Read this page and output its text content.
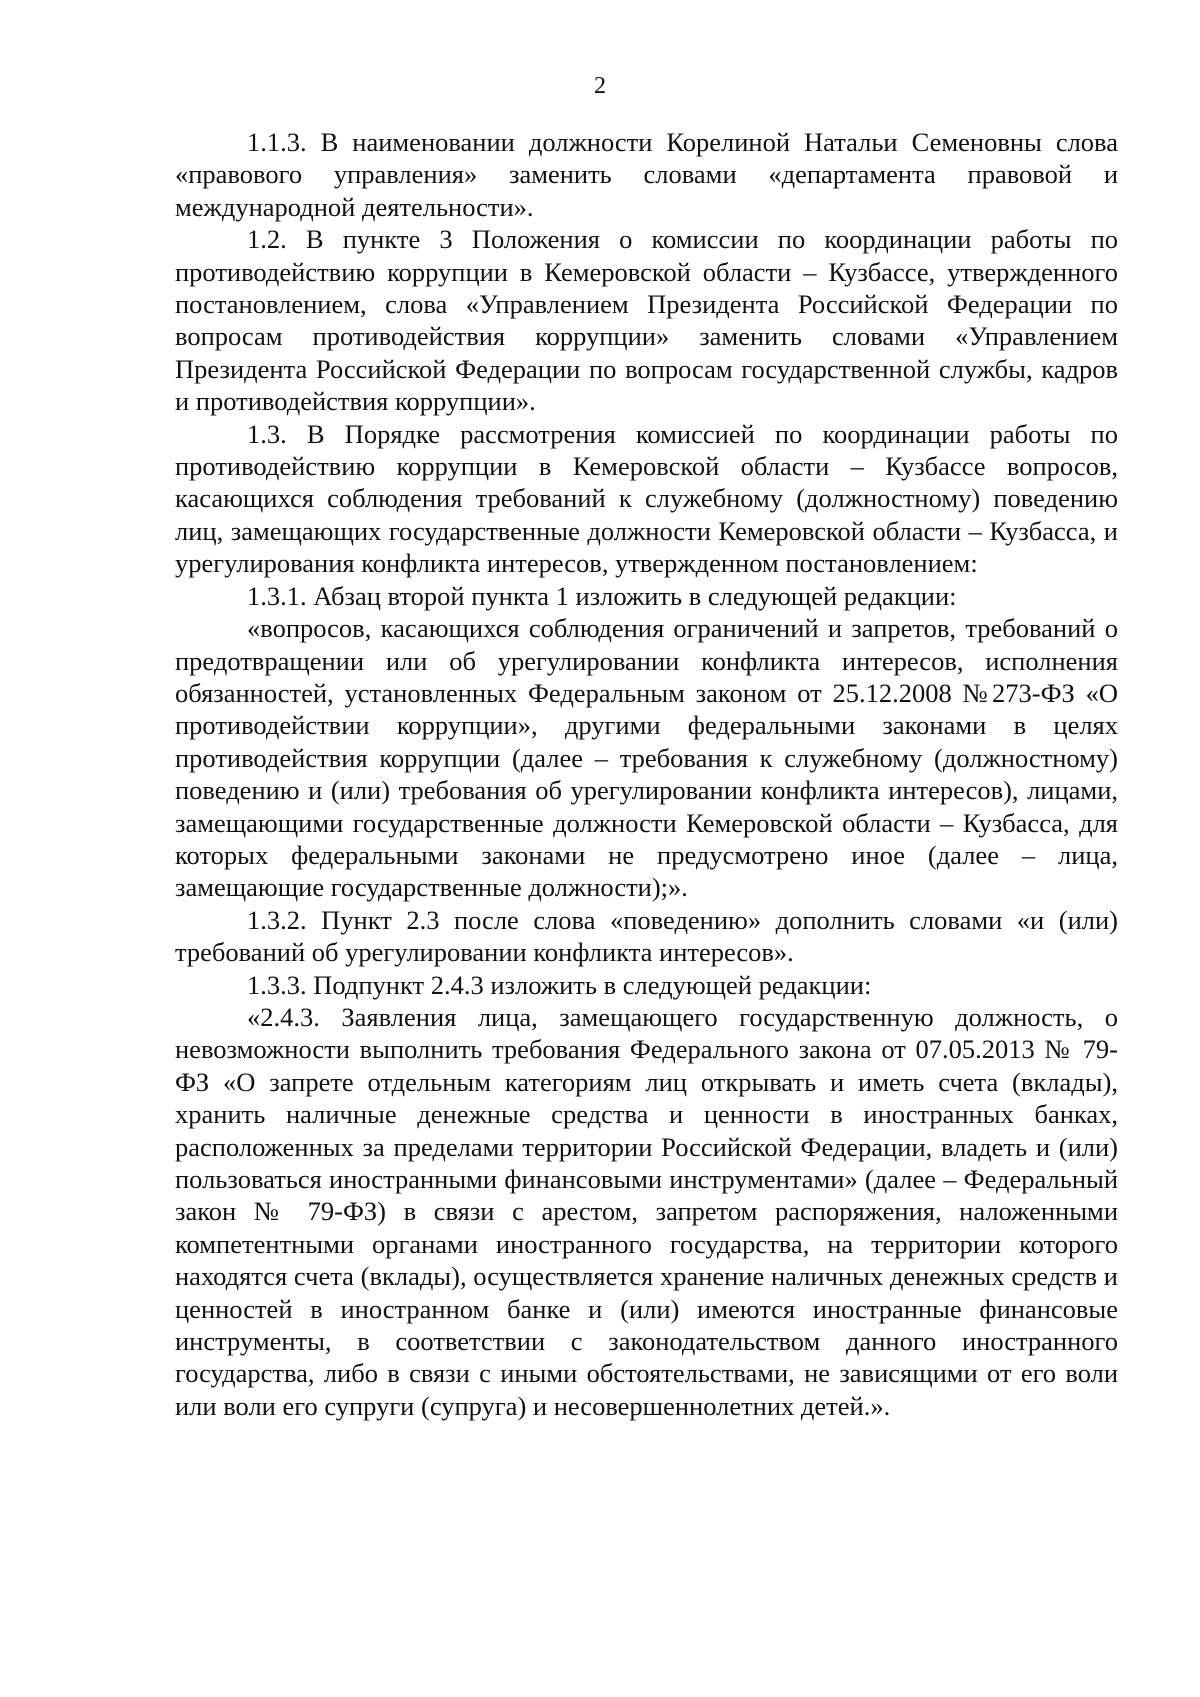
2

1.1.3. В наименовании должности Корелиной Натальи Семеновны слова «правового управления» заменить словами «департамента правовой и международной деятельности».

1.2. В пункте 3 Положения о комиссии по координации работы по противодействию коррупции в Кемеровской области – Кузбассе, утвержденного постановлением, слова «Управлением Президента Российской Федерации по вопросам противодействия коррупции» заменить словами «Управлением Президента Российской Федерации по вопросам государственной службы, кадров и противодействия коррупции».

1.3. В Порядке рассмотрения комиссией по координации работы по противодействию коррупции в Кемеровской области – Кузбассе вопросов, касающихся соблюдения требований к служебному (должностному) поведению лиц, замещающих государственные должности Кемеровской области – Кузбасса, и урегулирования конфликта интересов, утвержденном постановлением:

1.3.1. Абзац второй пункта 1 изложить в следующей редакции:

«вопросов, касающихся соблюдения ограничений и запретов, требований о предотвращении или об урегулировании конфликта интересов, исполнения обязанностей, установленных Федеральным законом от 25.12.2008 №273-ФЗ «О противодействии коррупции», другими федеральными законами в целях противодействия коррупции (далее – требования к служебному (должностному) поведению и (или) требования об урегулировании конфликта интересов), лицами, замещающими государственные должности Кемеровской области – Кузбасса, для которых федеральными законами не предусмотрено иное (далее – лица, замещающие государственные должности);».

1.3.2. Пункт 2.3 после слова «поведению» дополнить словами «и (или) требований об урегулировании конфликта интересов».

1.3.3. Подпункт 2.4.3 изложить в следующей редакции:

«2.4.3. Заявления лица, замещающего государственную должность, о невозможности выполнить требования Федерального закона от 07.05.2013 № 79-ФЗ «О запрете отдельным категориям лиц открывать и иметь счета (вклады), хранить наличные денежные средства и ценности в иностранных банках, расположенных за пределами территории Российской Федерации, владеть и (или) пользоваться иностранными финансовыми инструментами» (далее – Федеральный закон № 79-ФЗ) в связи с арестом, запретом распоряжения, наложенными компетентными органами иностранного государства, на территории которого находятся счета (вклады), осуществляется хранение наличных денежных средств и ценностей в иностранном банке и (или) имеются иностранные финансовые инструменты, в соответствии с законодательством данного иностранного государства, либо в связи с иными обстоятельствами, не зависящими от его воли или воли его супруги (супруга) и несовершеннолетних детей.».
